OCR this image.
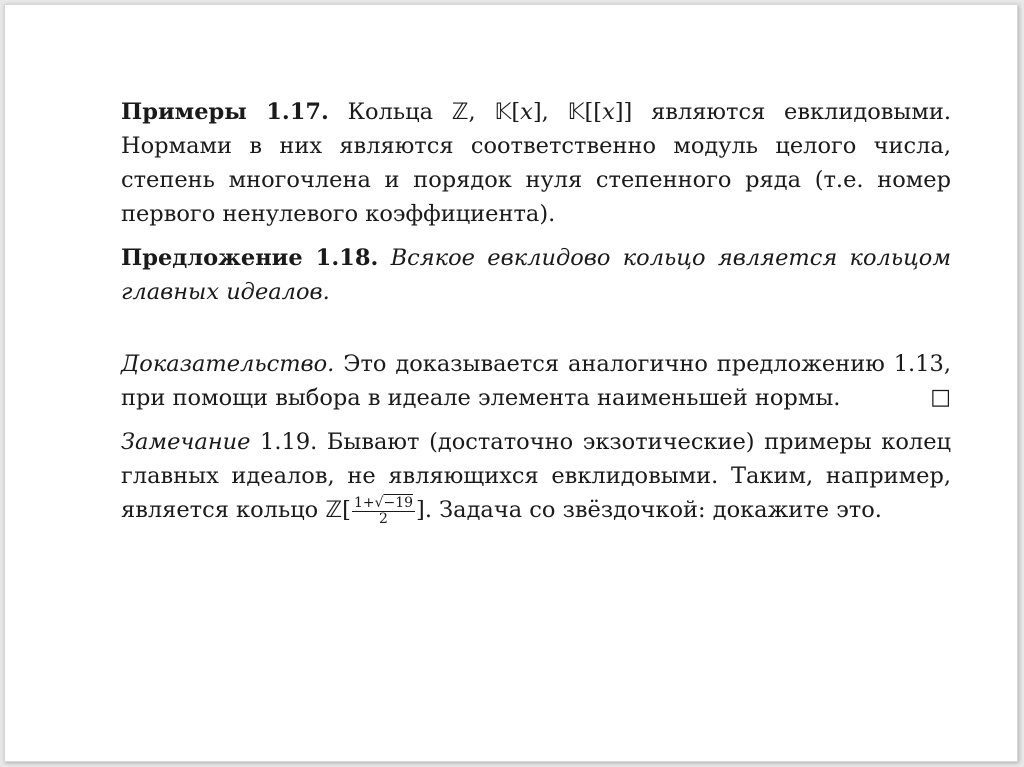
Примеры 1.17. Кольца ℤ, 𝕂[x], 𝕂[[x]] являются евклидовыми. Нормами в них являются соответственно модуль целого числа, степень многочлена и порядок нуля степенного ряда (т.е. номер первого ненулевого коэффициента).

Предложение 1.18. Всякое евклидово кольцо является кольцом главных идеалов.

Доказательство. Это доказывается аналогично предложению 1.13, при помощи выбора в идеале элемента наименьшей нормы.	□

Замечание 1.19. Бывают (достаточно экзотические) примеры колец главных идеалов, не являющихся евклидовыми. Таким, например, является кольцо ℤ[ $\frac{1+√-19}{2}$ ]. Задача со звёздочкой: докажите это.
